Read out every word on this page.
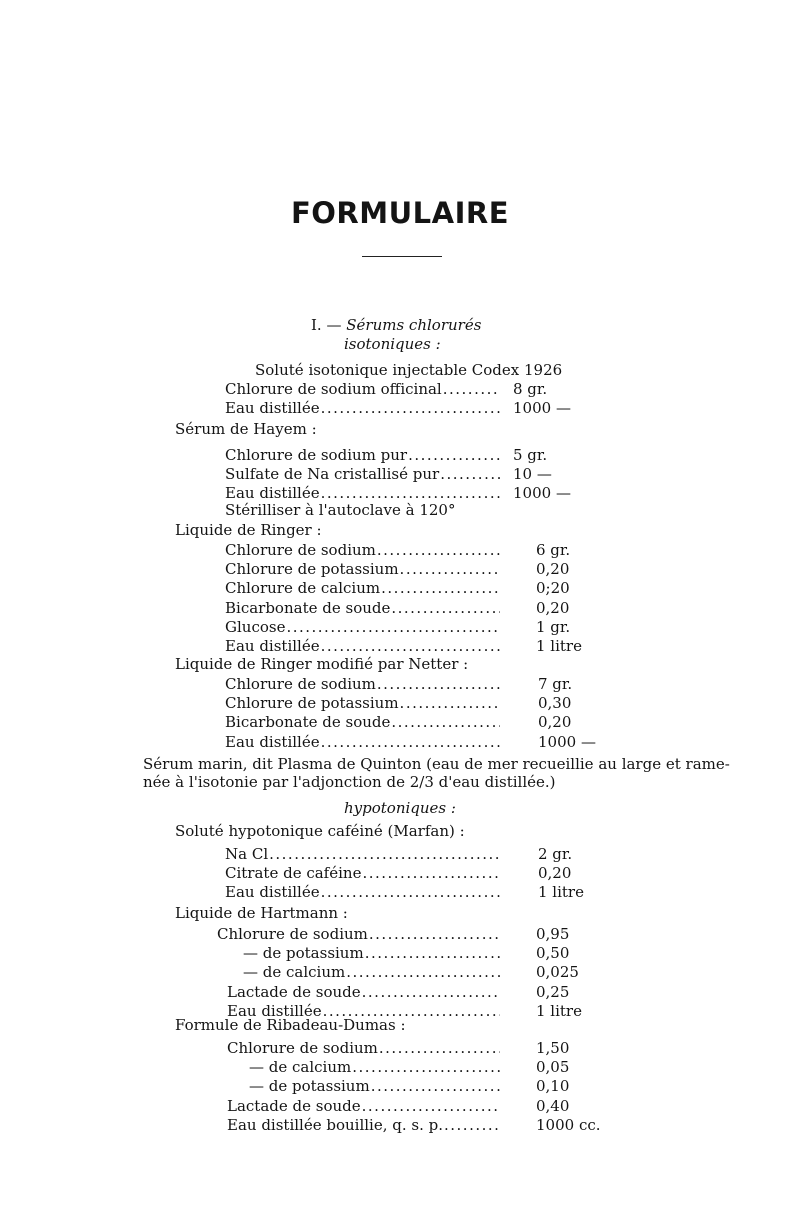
FORMULAIRE
I. — Sérums chlorurés
isotoniques :
Soluté isotonique injectable Codex 1926
Chlorure de sodium officinal .....	8 gr.
Eau distillée .....	1000 —
Sérum de Hayem :
Chlorure de sodium pur .....	5 gr.
Sulfate de Na cristallisé pur .....	10 —
Eau distillée .....	1000 —
Stérilliser à l'autoclave à 120°
Liquide de Ringer :
Chlorure de sodium .....	6 gr.
Chlorure de potassium .....	0,20
Chlorure de calcium .....	0;20
Bicarbonate de soude .....	0,20
Glucose .....	1 gr.
Eau distillée .....	1 litre
Liquide de Ringer modifié par Netter :
Chlorure de sodium .....	7 gr.
Chlorure de potassium .....	0,30
Bicarbonate de soude .....	0,20
Eau distillée .....	1000 —
Sérum marin, dit Plasma de Quinton (eau de mer recueillie au large et rame-
née à l'isotonie par l'adjonction de 2/3 d'eau distillée.)
hypotoniques :
Soluté hypotonique caféiné (Marfan) :
Na Cl .....	2 gr.
Citrate de caféine .....	0,20
Eau distillée .....	1 litre
Liquide de Hartmann :
Chlorure de sodium .....	0,95
— de potassium .....	0,50
— de calcium .....	0,025
Lactade de soude .....	0,25
Eau distillée .....	1 litre
Formule de Ribadeau-Dumas :
Chlorure de sodium .....	1,50
— de calcium .....	0,05
— de potassium .....	0,10
Lactade de soude .....	0,40
Eau distillée bouillie, q. s. p. .....	1000 cc.
